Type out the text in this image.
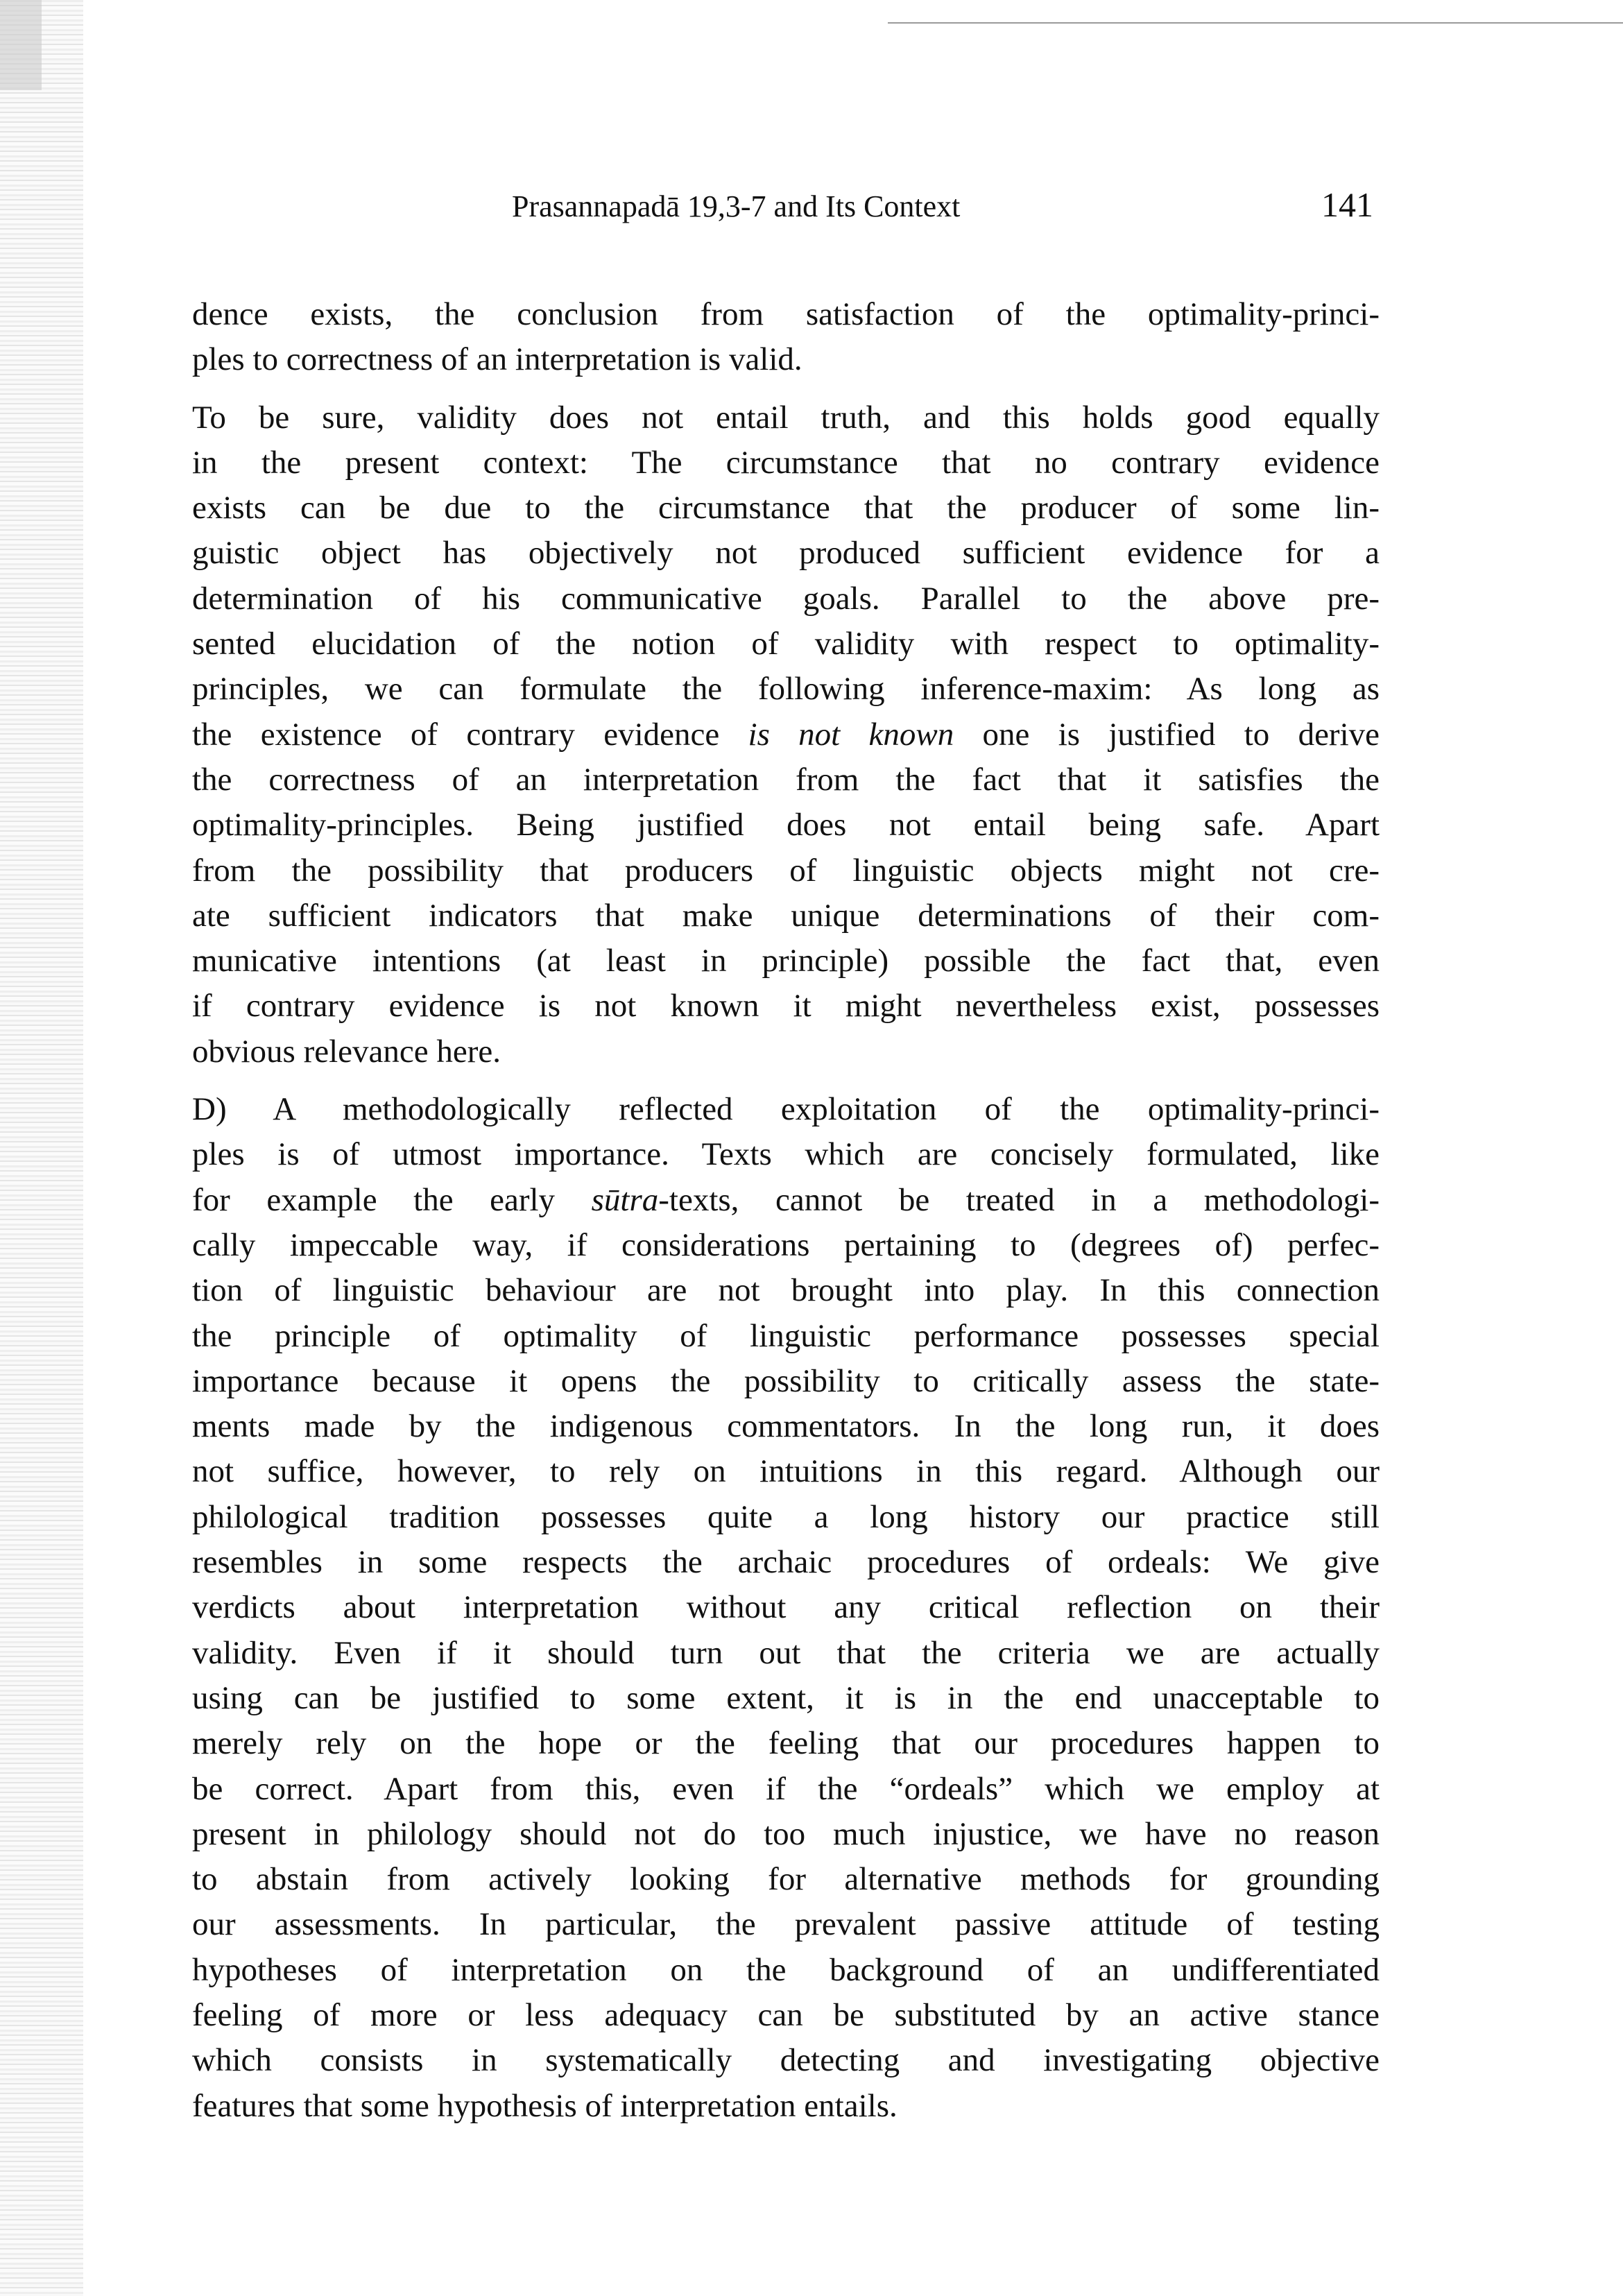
Prasannapadā 19,3-7 and Its Context	141
dence exists, the conclusion from satisfaction of the optimality-princi-
ples to correctness of an interpretation is valid.
To be sure, validity does not entail truth, and this holds good equally
in the present context: The circumstance that no contrary evidence
exists can be due to the circumstance that the producer of some lin-
guistic object has objectively not produced sufficient evidence for a
determination of his communicative goals. Parallel to the above pre-
sented elucidation of the notion of validity with respect to optimality-
principles, we can formulate the following inference-maxim: As long as
the existence of contrary evidence is not known one is justified to derive
the correctness of an interpretation from the fact that it satisfies the
optimality-principles. Being justified does not entail being safe. Apart
from the possibility that producers of linguistic objects might not cre-
ate sufficient indicators that make unique determinations of their com-
municative intentions (at least in principle) possible the fact that, even
if contrary evidence is not known it might nevertheless exist, possesses
obvious relevance here.
D) A methodologically reflected exploitation of the optimality-princi-
ples is of utmost importance. Texts which are concisely formulated, like
for example the early sūtra-texts, cannot be treated in a methodologi-
cally impeccable way, if considerations pertaining to (degrees of) perfec-
tion of linguistic behaviour are not brought into play. In this connection
the principle of optimality of linguistic performance possesses special
importance because it opens the possibility to critically assess the state-
ments made by the indigenous commentators. In the long run, it does
not suffice, however, to rely on intuitions in this regard. Although our
philological tradition possesses quite a long history our practice still
resembles in some respects the archaic procedures of ordeals: We give
verdicts about interpretation without any critical reflection on their
validity. Even if it should turn out that the criteria we are actually
using can be justified to some extent, it is in the end unacceptable to
merely rely on the hope or the feeling that our procedures happen to
be correct. Apart from this, even if the “ordeals” which we employ at
present in philology should not do too much injustice, we have no reason
to abstain from actively looking for alternative methods for grounding
our assessments. In particular, the prevalent passive attitude of testing
hypotheses of interpretation on the background of an undifferentiated
feeling of more or less adequacy can be substituted by an active stance
which consists in systematically detecting and investigating objective
features that some hypothesis of interpretation entails.
